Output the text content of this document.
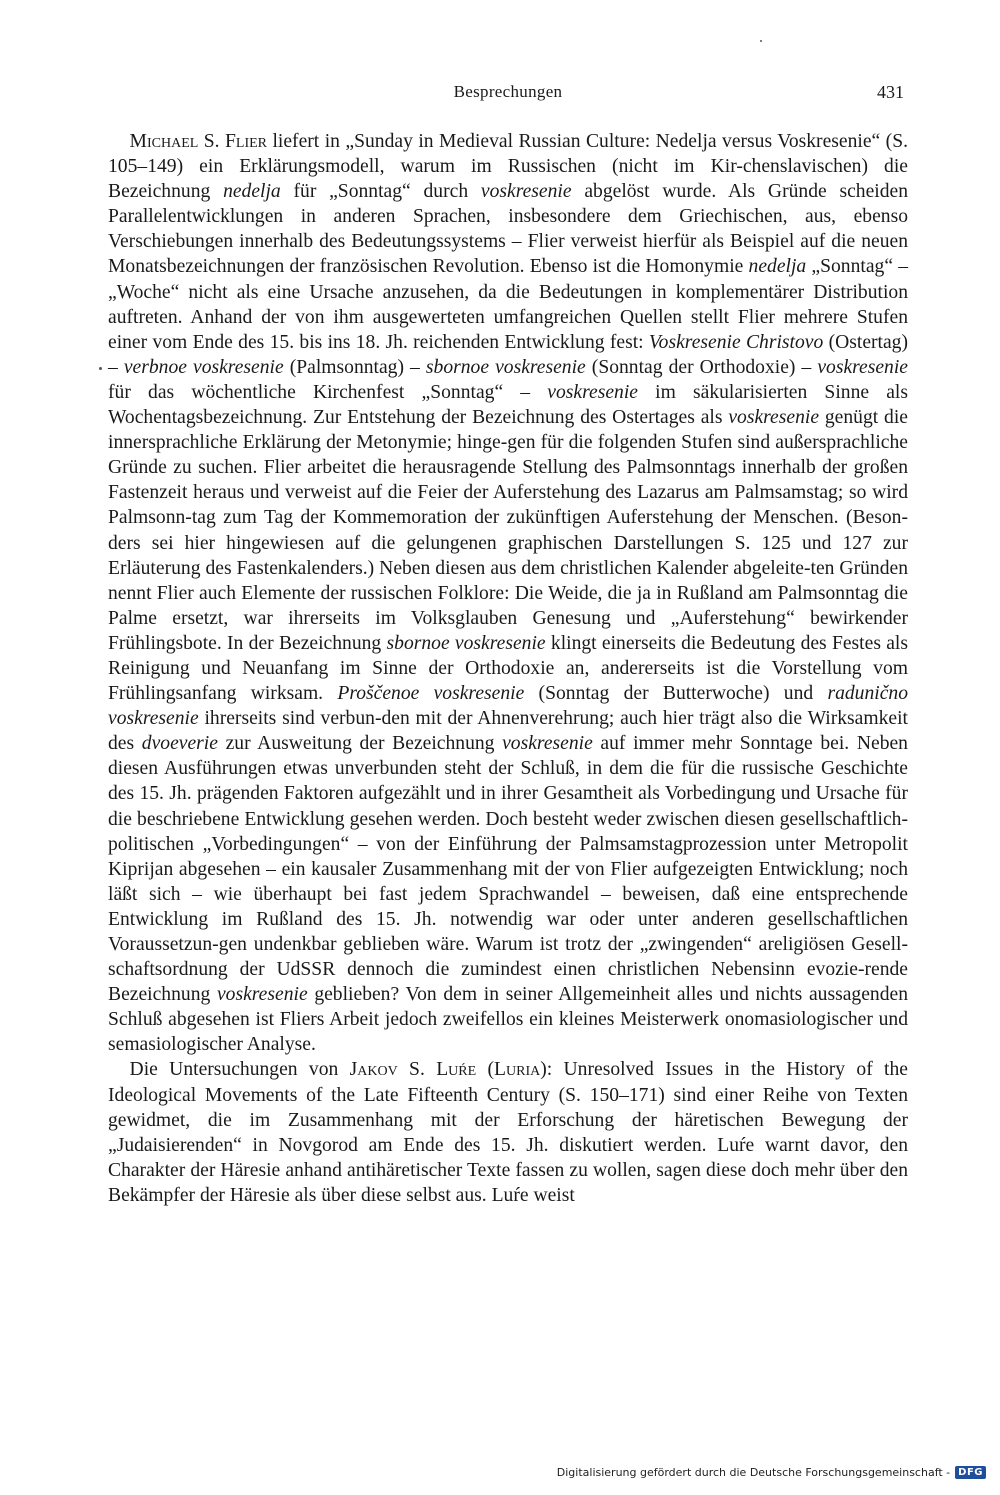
Besprechungen	431

Michael S. Flier liefert in „Sunday in Medieval Russian Culture: Nedelja versus Voskresenie“ (S. 105–149) ein Erklärungsmodell, warum im Russischen (nicht im Kir-chenslavischen) die Bezeichnung nedelja für „Sonntag“ durch voskresenie abgelöst wurde. Als Gründe scheiden Parallelentwicklungen in anderen Sprachen, insbesondere dem Griechischen, aus, ebenso Verschiebungen innerhalb des Bedeutungssystems – Flier verweist hierfür als Beispiel auf die neuen Monatsbezeichnungen der französischen Revolution. Ebenso ist die Homonymie nedelja „Sonntag“ – „Woche“ nicht als eine Ursache anzusehen, da die Bedeutungen in komplementärer Distribution auftreten. Anhand der von ihm ausgewerteten umfangreichen Quellen stellt Flier mehrere Stufen einer vom Ende des 15. bis ins 18. Jh. reichenden Entwicklung fest: Voskresenie Christovo (Ostertag) – verbnoe voskresenie (Palmsonntag) – sbornoe voskresenie (Sonntag der Orthodoxie) – voskresenie für das wöchentliche Kirchenfest „Sonntag“ – voskresenie im säkularisierten Sinne als Wochentagsbezeichnung. Zur Entstehung der Bezeichnung des Ostertages als voskresenie genügt die innersprachliche Erklärung der Metonymie; hinge-gen für die folgenden Stufen sind außersprachliche Gründe zu suchen. Flier arbeitet die herausragende Stellung des Palmsonntags innerhalb der großen Fastenzeit heraus und verweist auf die Feier der Auferstehung des Lazarus am Palmsamstag; so wird Palmsonn-tag zum Tag der Kommemoration der zukünftigen Auferstehung der Menschen. (Beson-ders sei hier hingewiesen auf die gelungenen graphischen Darstellungen S. 125 und 127 zur Erläuterung des Fastenkalenders.) Neben diesen aus dem christlichen Kalender abgeleite-ten Gründen nennt Flier auch Elemente der russischen Folklore: Die Weide, die ja in Rußland am Palmsonntag die Palme ersetzt, war ihrerseits im Volksglauben Genesung und „Auferstehung“ bewirkender Frühlingsbote. In der Bezeichnung sbornoe voskresenie klingt einerseits die Bedeutung des Festes als Reinigung und Neuanfang im Sinne der Orthodoxie an, andererseits ist die Vorstellung vom Frühlingsanfang wirksam. Proščenoe voskresenie (Sonntag der Butterwoche) und radunično voskresenie ihrerseits sind verbun-den mit der Ahnenverehrung; auch hier trägt also die Wirksamkeit des dvoeverie zur Ausweitung der Bezeichnung voskresenie auf immer mehr Sonntage bei. Neben diesen Ausführungen etwas unverbunden steht der Schluß, in dem die für die russische Geschichte des 15. Jh. prägenden Faktoren aufgezählt und in ihrer Gesamtheit als Vorbedingung und Ursache für die beschriebene Entwicklung gesehen werden. Doch besteht weder zwischen diesen gesellschaftlich-politischen „Vorbedingungen“ – von der Einführung der Palmsamstagprozession unter Metropolit Kiprijan abgesehen – ein kausaler Zusammenhang mit der von Flier aufgezeigten Entwicklung; noch läßt sich – wie überhaupt bei fast jedem Sprachwandel – beweisen, daß eine entsprechende Entwicklung im Rußland des 15. Jh. notwendig war oder unter anderen gesellschaftlichen Voraussetzun-gen undenkbar geblieben wäre. Warum ist trotz der „zwingenden“ areligiösen Gesell-schaftsordnung der UdSSR dennoch die zumindest einen christlichen Nebensinn evozie-rende Bezeichnung voskresenie geblieben? Von dem in seiner Allgemeinheit alles und nichts aussagenden Schluß abgesehen ist Fliers Arbeit jedoch zweifellos ein kleines Meisterwerk onomasiologischer und semasiologischer Analyse.

Die Untersuchungen von Jakov S. Luŕe (Luria): Unresolved Issues in the History of the Ideological Movements of the Late Fifteenth Century (S. 150–171) sind einer Reihe von Texten gewidmet, die im Zusammenhang mit der Erforschung der häretischen Bewegung der „Judaisierenden“ in Novgorod am Ende des 15. Jh. diskutiert werden. Luŕe warnt davor, den Charakter der Häresie anhand antihäretischer Texte fassen zu wollen, sagen diese doch mehr über den Bekämpfer der Häresie als über diese selbst aus. Luŕe weist

Digitalisierung gefördert durch die Deutsche Forschungsgemeinschaft - DFG
